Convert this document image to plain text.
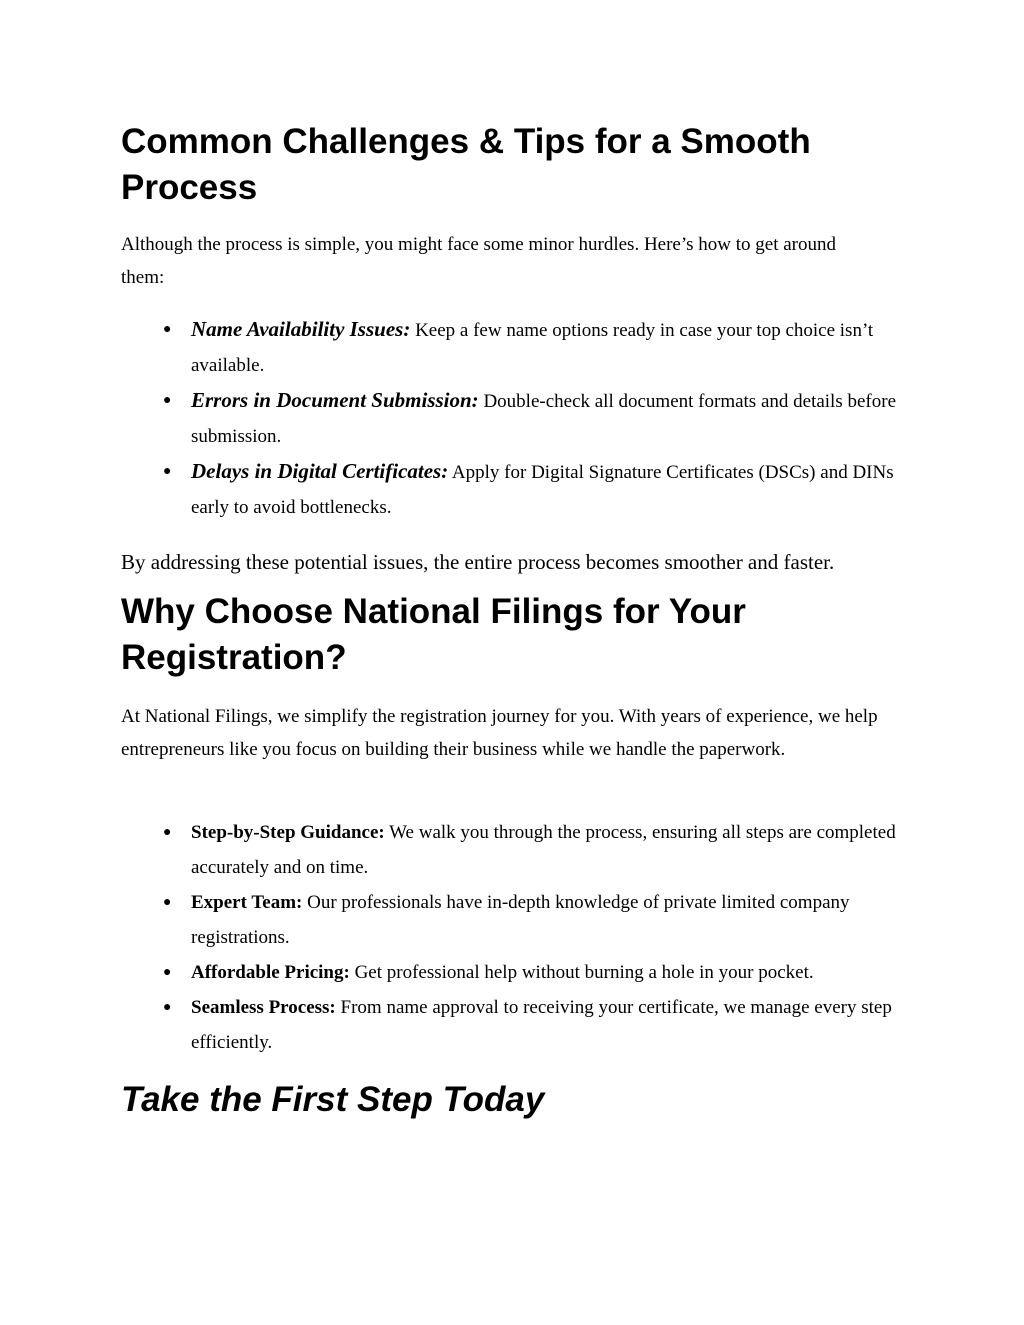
Common Challenges & Tips for a Smooth Process

Although the process is simple, you might face some minor hurdles. Here’s how to get around them:

● Name Availability Issues: Keep a few name options ready in case your top choice isn’t available.
● Errors in Document Submission: Double-check all document formats and details before submission.
● Delays in Digital Certificates: Apply for Digital Signature Certificates (DSCs) and DINs early to avoid bottlenecks.

By addressing these potential issues, the entire process becomes smoother and faster.

Why Choose National Filings for Your Registration?

At National Filings, we simplify the registration journey for you. With years of experience, we help entrepreneurs like you focus on building their business while we handle the paperwork.

● Step-by-Step Guidance: We walk you through the process, ensuring all steps are completed accurately and on time.
● Expert Team: Our professionals have in-depth knowledge of private limited company registrations.
● Affordable Pricing: Get professional help without burning a hole in your pocket.
● Seamless Process: From name approval to receiving your certificate, we manage every step efficiently.
Take the First Step Today
